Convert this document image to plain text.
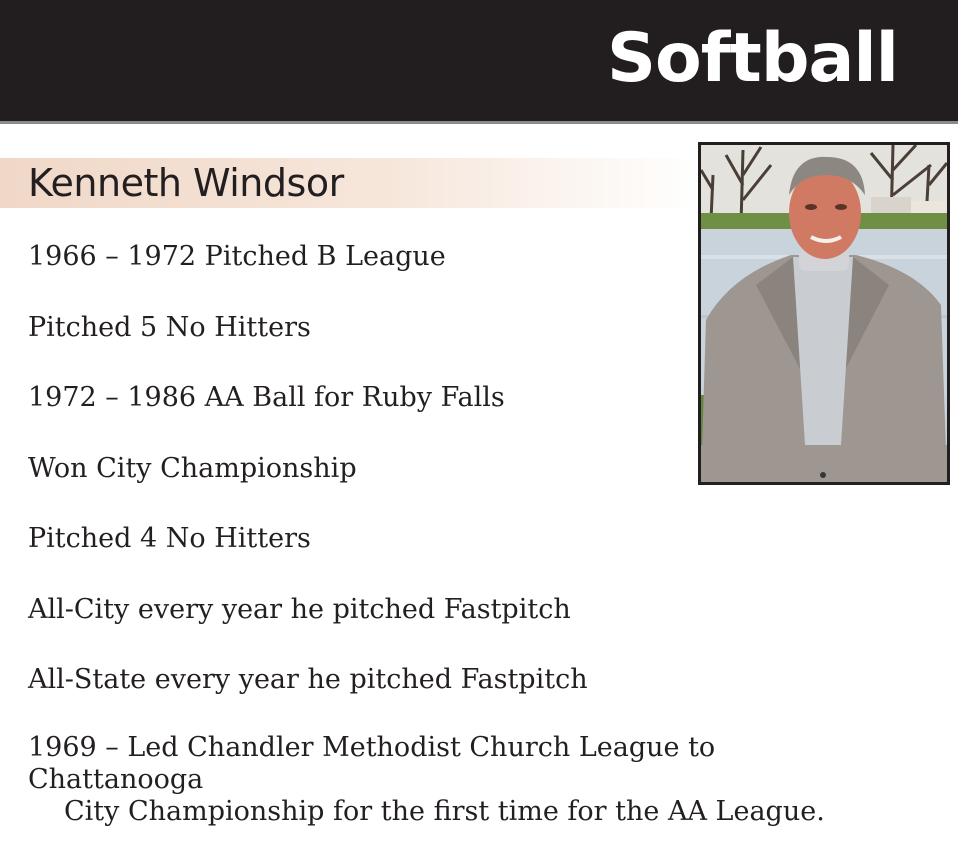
Softball
Kenneth Windsor
1966 – 1972 Pitched B League
Pitched 5 No Hitters
1972 – 1986 AA Ball for Ruby Falls
Won City Championship
Pitched 4 No Hitters
All-City every year he pitched Fastpitch
All-State every year he pitched Fastpitch
1969 – Led Chandler Methodist Church League to Chattanooga
City Championship for the first time for the AA League.
